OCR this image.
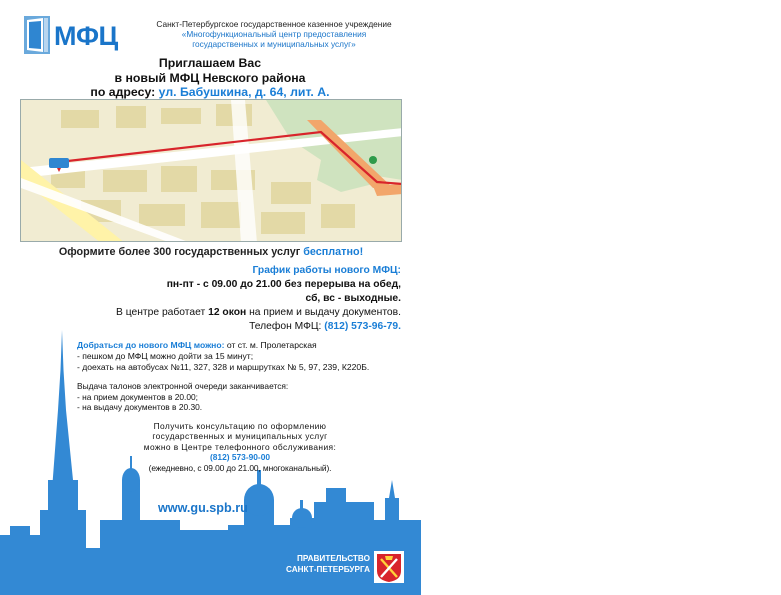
МФЦ	Санкт-Петербургское государственное казенное учреждение
«Многофункциональный центр предоставления
государственных и муниципальных услуг»
Приглашаем Вас
в новый МФЦ Невского района
по адресу: ул. Бабушкина, д. 64, лит. А.
Оформите более 300 государственных услуг бесплатно!
График работы нового МФЦ:
пн-пт - с 09.00 до 21.00 без перерыва на обед,
сб, вс - выходные.
В центре работает 12 окон на прием и выдачу документов.
Телефон МФЦ: (812) 573-96-79.
Добраться до нового МФЦ можно: от ст. м. Пролетарская
- пешком до МФЦ можно дойти за 15 минут;
- доехать на автобусах №11, 327, 328 и маршрутках № 5, 97, 239, К220Б.
Выдача талонов электронной очереди заканчивается:
- на прием документов в 20.00;
- на выдачу документов в 20.30.
Получить консультацию по оформлению
государственных и муниципальных услуг
можно в Центре телефонного обслуживания:
(812) 573-90-00
(ежедневно, с 09.00 до 21.00, многоканальный).
www.gu.spb.ru
ПРАВИТЕЛЬСТВО
САНКТ-ПЕТЕРБУРГА
